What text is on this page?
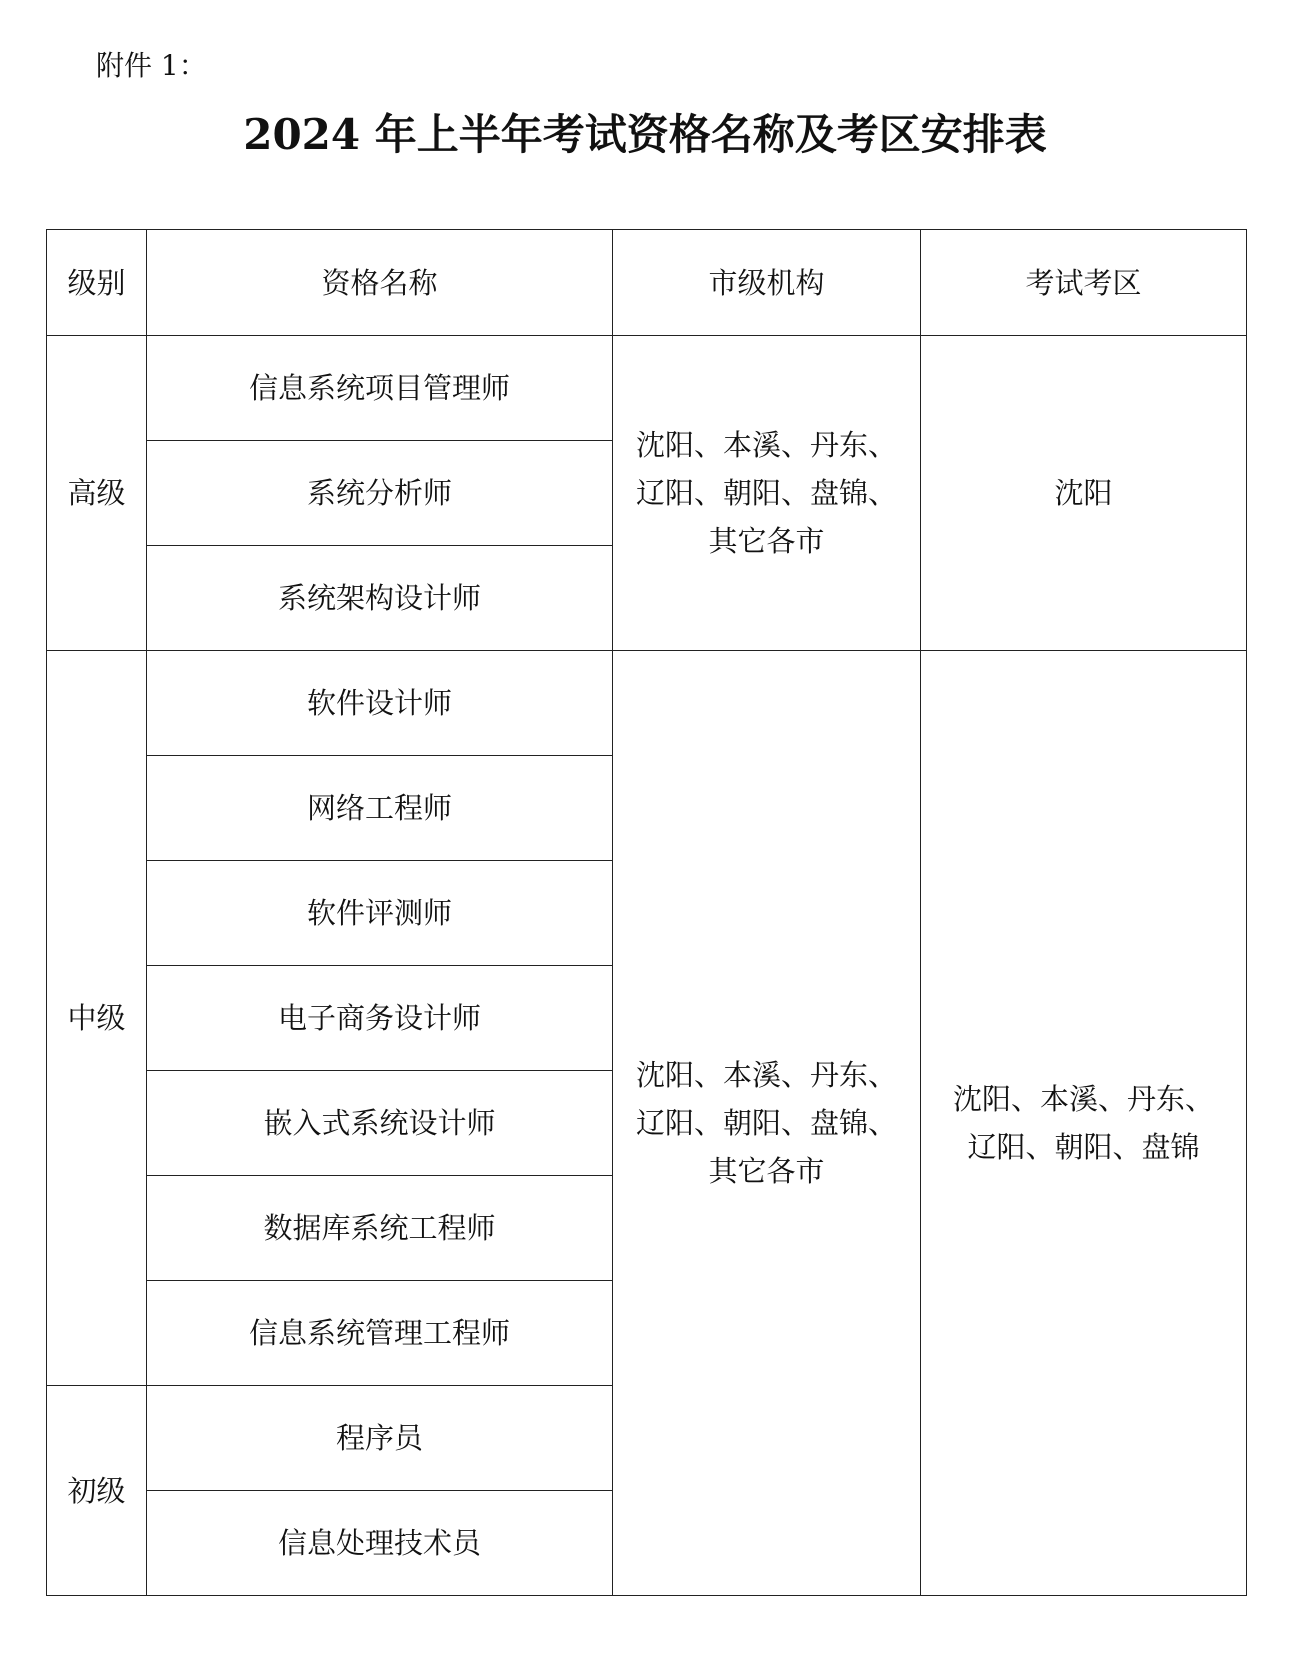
附件 1：
2024 年上半年考试资格名称及考区安排表
级别	资格名称	市级机构	考试考区
高级	信息系统项目管理师	沈阳、本溪、丹东、
辽阳、朝阳、盘锦、
其它各市	沈阳

	系统分析师		
	系统架构设计师		
中级	软件设计师	沈阳、本溪、丹东、
辽阳、朝阳、盘锦、
其它各市	沈阳、本溪、丹东、
辽阳、朝阳、盘锦

	网络工程师		
	软件评测师		
	电子商务设计师		
	嵌入式系统设计师		
	数据库系统工程师		
	信息系统管理工程师		
初级	程序员		
	信息处理技术员		
